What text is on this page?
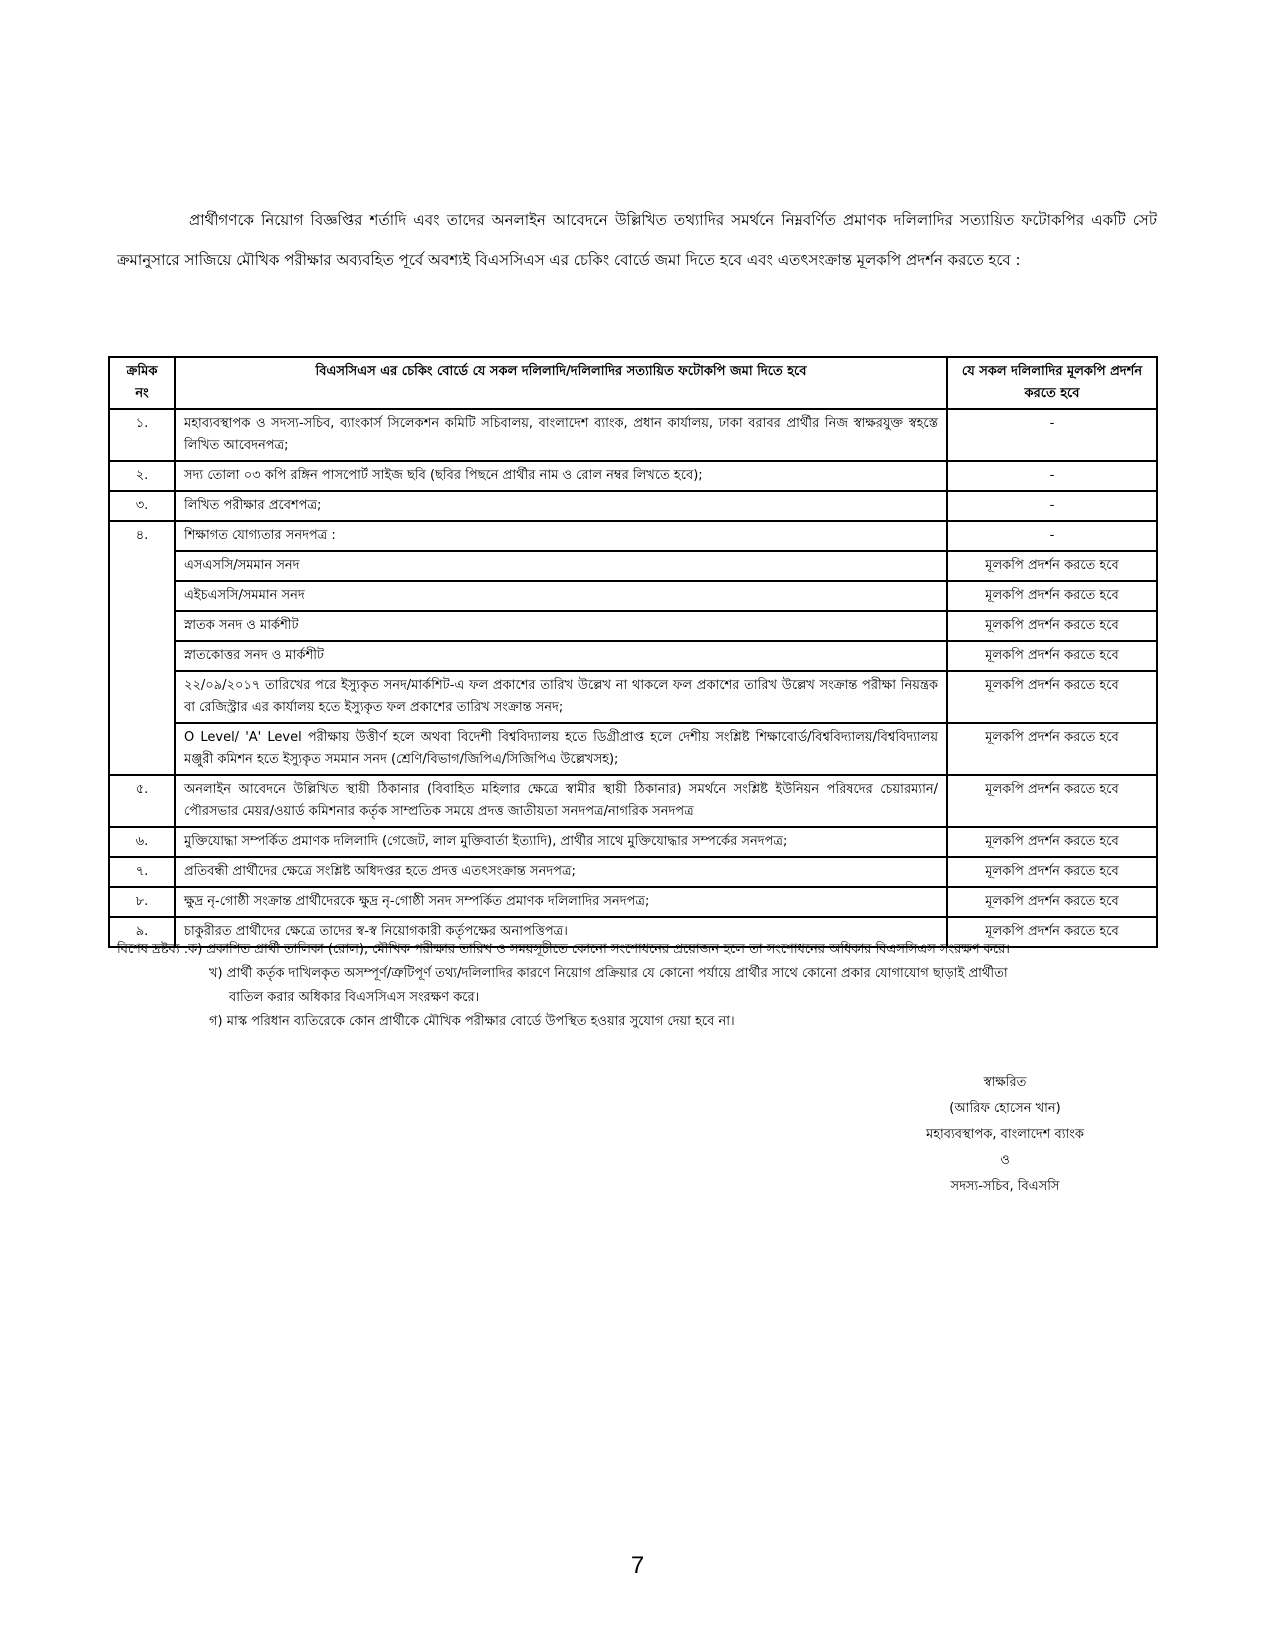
প্রার্থীগণকে নিয়োগ বিজ্ঞপ্তির শর্তাদি এবং তাদের অনলাইন আবেদনে উল্লিখিত তথ্যাদির সমর্থনে নিম্নবর্ণিত প্রমাণক দলিলাদির সত্যায়িত ফটোকপির একটি সেট ক্রমানুসারে সাজিয়ে মৌখিক পরীক্ষার অব্যবহিত পূর্বে অবশ্যই বিএসসিএস এর চেকিং বোর্ডে জমা দিতে হবে এবং এতৎসংক্রান্ত মূলকপি প্রদর্শন করতে হবে :

ক্রমিক নং	বিএসসিএস এর চেকিং বোর্ডে যে সকল দলিলাদি/দলিলাদির সত্যায়িত ফটোকপি জমা দিতে হবে	যে সকল দলিলাদির মূলকপি প্রদর্শন করতে হবে
১.	মহাব্যবস্থাপক ও সদস্য-সচিব, ব্যাংকার্স সিলেকশন কমিটি সচিবালয়, বাংলাদেশ ব্যাংক, প্রধান কার্যালয়, ঢাকা বরাবর প্রার্থীর নিজ স্বাক্ষরযুক্ত স্বহস্তে লিখিত আবেদনপত্র;	-
২.	সদ্য তোলা ০৩ কপি রঙ্গিন পাসপোর্ট সাইজ ছবি (ছবির পিছনে প্রার্থীর নাম ও রোল নম্বর লিখতে হবে);	-
৩.	লিখিত পরীক্ষার প্রবেশপত্র;	-
৪.	শিক্ষাগত যোগ্যতার সনদপত্র :	-
	এসএসসি/সমমান সনদ	মূলকপি প্রদর্শন করতে হবে
	এইচএসসি/সমমান সনদ	মূলকপি প্রদর্শন করতে হবে
	স্নাতক সনদ ও মার্কশীট	মূলকপি প্রদর্শন করতে হবে
	স্নাতকোত্তর সনদ ও মার্কশীট	মূলকপি প্রদর্শন করতে হবে
	২২/০৯/২০১৭ তারিখের পরে ইস্যুকৃত সনদ/মার্কশিট-এ ফল প্রকাশের তারিখ উল্লেখ না থাকলে ফল প্রকাশের তারিখ উল্লেখ সংক্রান্ত পরীক্ষা নিয়ন্ত্রক বা রেজিস্ট্রার এর কার্যালয় হতে ইস্যুকৃত ফল প্রকাশের তারিখ সংক্রান্ত সনদ;	মূলকপি প্রদর্শন করতে হবে
	O Level/ 'A' Level পরীক্ষায় উত্তীর্ণ হলে অথবা বিদেশী বিশ্ববিদ্যালয় হতে ডিগ্রীপ্রাপ্ত হলে দেশীয় সংশ্লিষ্ট শিক্ষাবোর্ড/বিশ্ববিদ্যালয়/বিশ্ববিদ্যালয় মঞ্জুরী কমিশন হতে ইস্যুকৃত সমমান সনদ (শ্রেণি/বিভাগ/জিপিএ/সিজিপিএ উল্লেখসহ);	মূলকপি প্রদর্শন করতে হবে
৫.	অনলাইন আবেদনে উল্লিখিত স্থায়ী ঠিকানার (বিবাহিত মহিলার ক্ষেত্রে স্বামীর স্থায়ী ঠিকানার) সমর্থনে সংশ্লিষ্ট ইউনিয়ন পরিষদের চেয়ারম্যান/পৌরসভার মেয়র/ওয়ার্ড কমিশনার কর্তৃক সাম্প্রতিক সময়ে প্রদত্ত জাতীয়তা সনদপত্র/নাগরিক সনদপত্র	মূলকপি প্রদর্শন করতে হবে
৬.	মুক্তিযোদ্ধা সম্পর্কিত প্রমাণক দলিলাদি (গেজেট, লাল মুক্তিবার্তা ইত্যাদি), প্রার্থীর সাথে মুক্তিযোদ্ধার সম্পর্কের সনদপত্র;	মূলকপি প্রদর্শন করতে হবে
৭.	প্রতিবন্ধী প্রার্থীদের ক্ষেত্রে সংশ্লিষ্ট অধিদপ্তর হতে প্রদত্ত এতৎসংক্রান্ত সনদপত্র;	মূলকপি প্রদর্শন করতে হবে
৮.	ক্ষুদ্র নৃ-গোষ্ঠী সংক্রান্ত প্রার্থীদেরকে ক্ষুদ্র নৃ-গোষ্ঠী সনদ সম্পর্কিত প্রমাণক দলিলাদির সনদপত্র;	মূলকপি প্রদর্শন করতে হবে
৯.	চাকুরীরত প্রার্থীদের ক্ষেত্রে তাদের স্ব-স্ব নিয়োগকারী কর্তৃপক্ষের অনাপত্তিপত্র।	মূলকপি প্রদর্শন করতে হবে
বিশেষ দ্রষ্টব্য : ক) প্রকাশিত প্রার্থী তালিকা (রোল), মৌখিক পরীক্ষার তারিখ ও সময়সূচীতে কোনো সংশোধনের প্রয়োজন হলে তা সংশোধনের অধিকার বিএসসিএস সংরক্ষণ করে।
খ) প্রার্থী কর্তৃক দাখিলকৃত অসম্পূর্ণ/ত্রুটিপূর্ণ তথ্য/দলিলাদির কারণে নিয়োগ প্রক্রিয়ার যে কোনো পর্যায়ে প্রার্থীর সাথে কোনো প্রকার যোগাযোগ ছাড়াই প্রার্থীতা
বাতিল করার অধিকার বিএসসিএস সংরক্ষণ করে।
গ) মাস্ক পরিধান ব্যতিরেকে কোন প্রার্থীকে মৌখিক পরীক্ষার বোর্ডে উপস্থিত হওয়ার সুযোগ দেয়া হবে না।
স্বাক্ষরিত
(আরিফ হোসেন খান)
মহাব্যবস্থাপক, বাংলাদেশ ব্যাংক
ও
সদস্য-সচিব, বিএসসি
7
